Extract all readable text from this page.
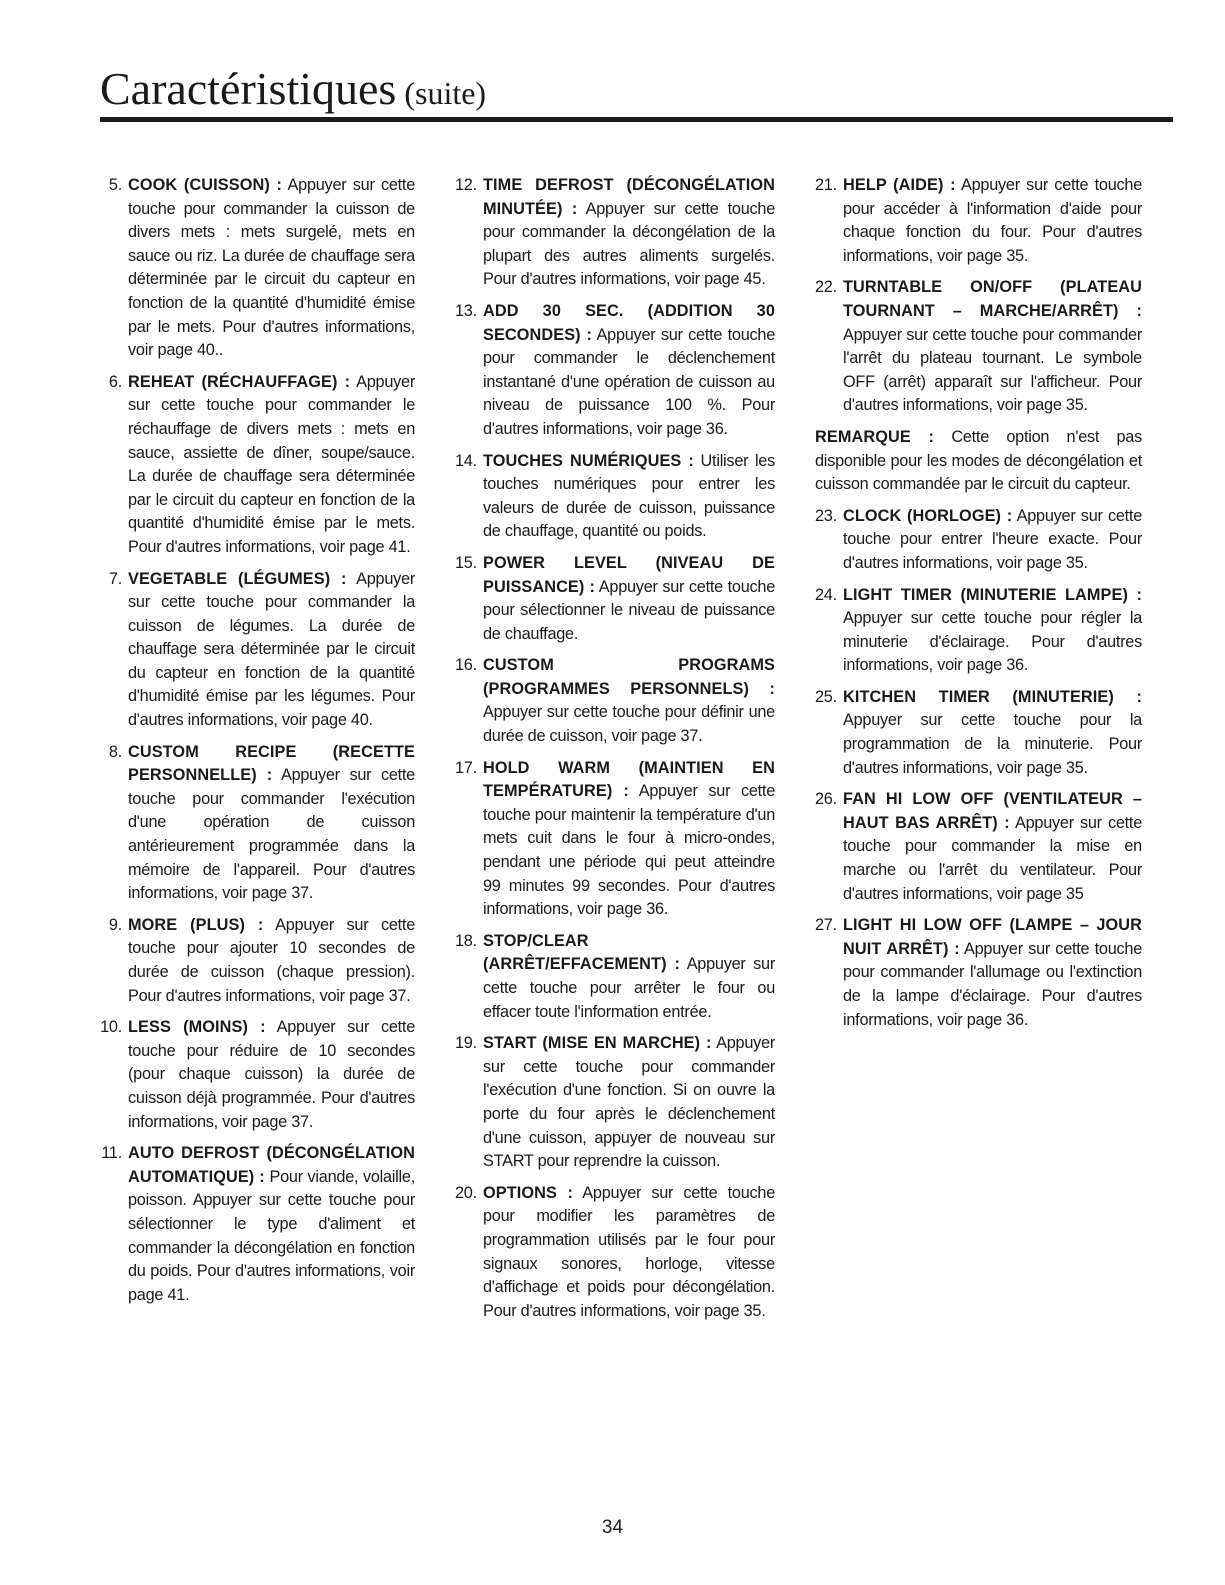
Caractéristiques (suite)
5. COOK (CUISSON) : Appuyer sur cette touche pour commander la cuisson de divers mets : mets surgelé, mets en sauce ou riz. La durée de chauffage sera déterminée par le circuit du capteur en fonction de la quantité d'humidité émise par le mets. Pour d'autres informations, voir page 40..
6. REHEAT (RÉCHAUFFAGE) : Appuyer sur cette touche pour commander le réchauffage de divers mets : mets en sauce, assiette de dîner, soupe/sauce. La durée de chauffage sera déterminée par le circuit du capteur en fonction de la quantité d'humidité émise par le mets. Pour d'autres informations, voir page 41.
7. VEGETABLE (LÉGUMES) : Appuyer sur cette touche pour commander la cuisson de légumes. La durée de chauffage sera déterminée par le circuit du capteur en fonction de la quantité d'humidité émise par les légumes. Pour d'autres informations, voir page 40.
8. CUSTOM RECIPE (RECETTE PERSONNELLE) : Appuyer sur cette touche pour commander l'exécution d'une opération de cuisson antérieurement programmée dans la mémoire de l'appareil. Pour d'autres informations, voir page 37.
9. MORE (PLUS) : Appuyer sur cette touche pour ajouter 10 secondes de durée de cuisson (chaque pression). Pour d'autres informations, voir page 37.
10. LESS (MOINS) : Appuyer sur cette touche pour réduire de 10 secondes (pour chaque cuisson) la durée de cuisson déjà programmée. Pour d'autres informations, voir page 37.
11. AUTO DEFROST (DÉCONGÉLATION AUTOMATIQUE) : Pour viande, volaille, poisson. Appuyer sur cette touche pour sélectionner le type d'aliment et commander la décongélation en fonction du poids. Pour d'autres informations, voir page 41.
12. TIME DEFROST (DÉCONGÉLATION MINUTÉE) : Appuyer sur cette touche pour commander la décongélation de la plupart des autres aliments surgelés. Pour d'autres informations, voir page 45.
13. ADD 30 SEC. (ADDITION 30 SECONDES) : Appuyer sur cette touche pour commander le déclenchement instantané d'une opération de cuisson au niveau de puissance 100 %. Pour d'autres informations, voir page 36.
14. TOUCHES NUMÉRIQUES : Utiliser les touches numériques pour entrer les valeurs de durée de cuisson, puissance de chauffage, quantité ou poids.
15. POWER LEVEL (NIVEAU DE PUISSANCE) : Appuyer sur cette touche pour sélectionner le niveau de puissance de chauffage.
16. CUSTOM PROGRAMS (PROGRAMMES PERSONNELS) : Appuyer sur cette touche pour définir une durée de cuisson, voir page 37.
17. HOLD WARM (MAINTIEN EN TEMPÉRATURE) : Appuyer sur cette touche pour maintenir la température d'un mets cuit dans le four à micro-ondes, pendant une période qui peut atteindre 99 minutes 99 secondes. Pour d'autres informations, voir page 36.
18. STOP/CLEAR (ARRÊT/EFFACEMENT) : Appuyer sur cette touche pour arrêter le four ou effacer toute l'information entrée.
19. START (MISE EN MARCHE) : Appuyer sur cette touche pour commander l'exécution d'une fonction. Si on ouvre la porte du four après le déclenchement d'une cuisson, appuyer de nouveau sur START pour reprendre la cuisson.
20. OPTIONS : Appuyer sur cette touche pour modifier les paramètres de programmation utilisés par le four pour signaux sonores, horloge, vitesse d'affichage et poids pour décongélation. Pour d'autres informations, voir page 35.
21. HELP (AIDE) : Appuyer sur cette touche pour accéder à l'information d'aide pour chaque fonction du four. Pour d'autres informations, voir page 35.
22. TURNTABLE ON/OFF (PLATEAU TOURNANT – MARCHE/ARRÊT) : Appuyer sur cette touche pour commander l'arrêt du plateau tournant. Le symbole OFF (arrêt) apparaît sur l'afficheur. Pour d'autres informations, voir page 35.
REMARQUE : Cette option n'est pas disponible pour les modes de décongélation et cuisson commandée par le circuit du capteur.
23. CLOCK (HORLOGE) : Appuyer sur cette touche pour entrer l'heure exacte. Pour d'autres informations, voir page 35.
24. LIGHT TIMER (MINUTERIE LAMPE) : Appuyer sur cette touche pour régler la minuterie d'éclairage. Pour d'autres informations, voir page 36.
25. KITCHEN TIMER (MINUTERIE) : Appuyer sur cette touche pour la programmation de la minuterie. Pour d'autres informations, voir page 35.
26. FAN HI LOW OFF (VENTILATEUR – HAUT BAS ARRÊT) : Appuyer sur cette touche pour commander la mise en marche ou l'arrêt du ventilateur. Pour d'autres informations, voir page 35
27. LIGHT HI LOW OFF (LAMPE – JOUR NUIT ARRÊT) : Appuyer sur cette touche pour commander l'allumage ou l'extinction de la lampe d'éclairage. Pour d'autres informations, voir page 36.
34
